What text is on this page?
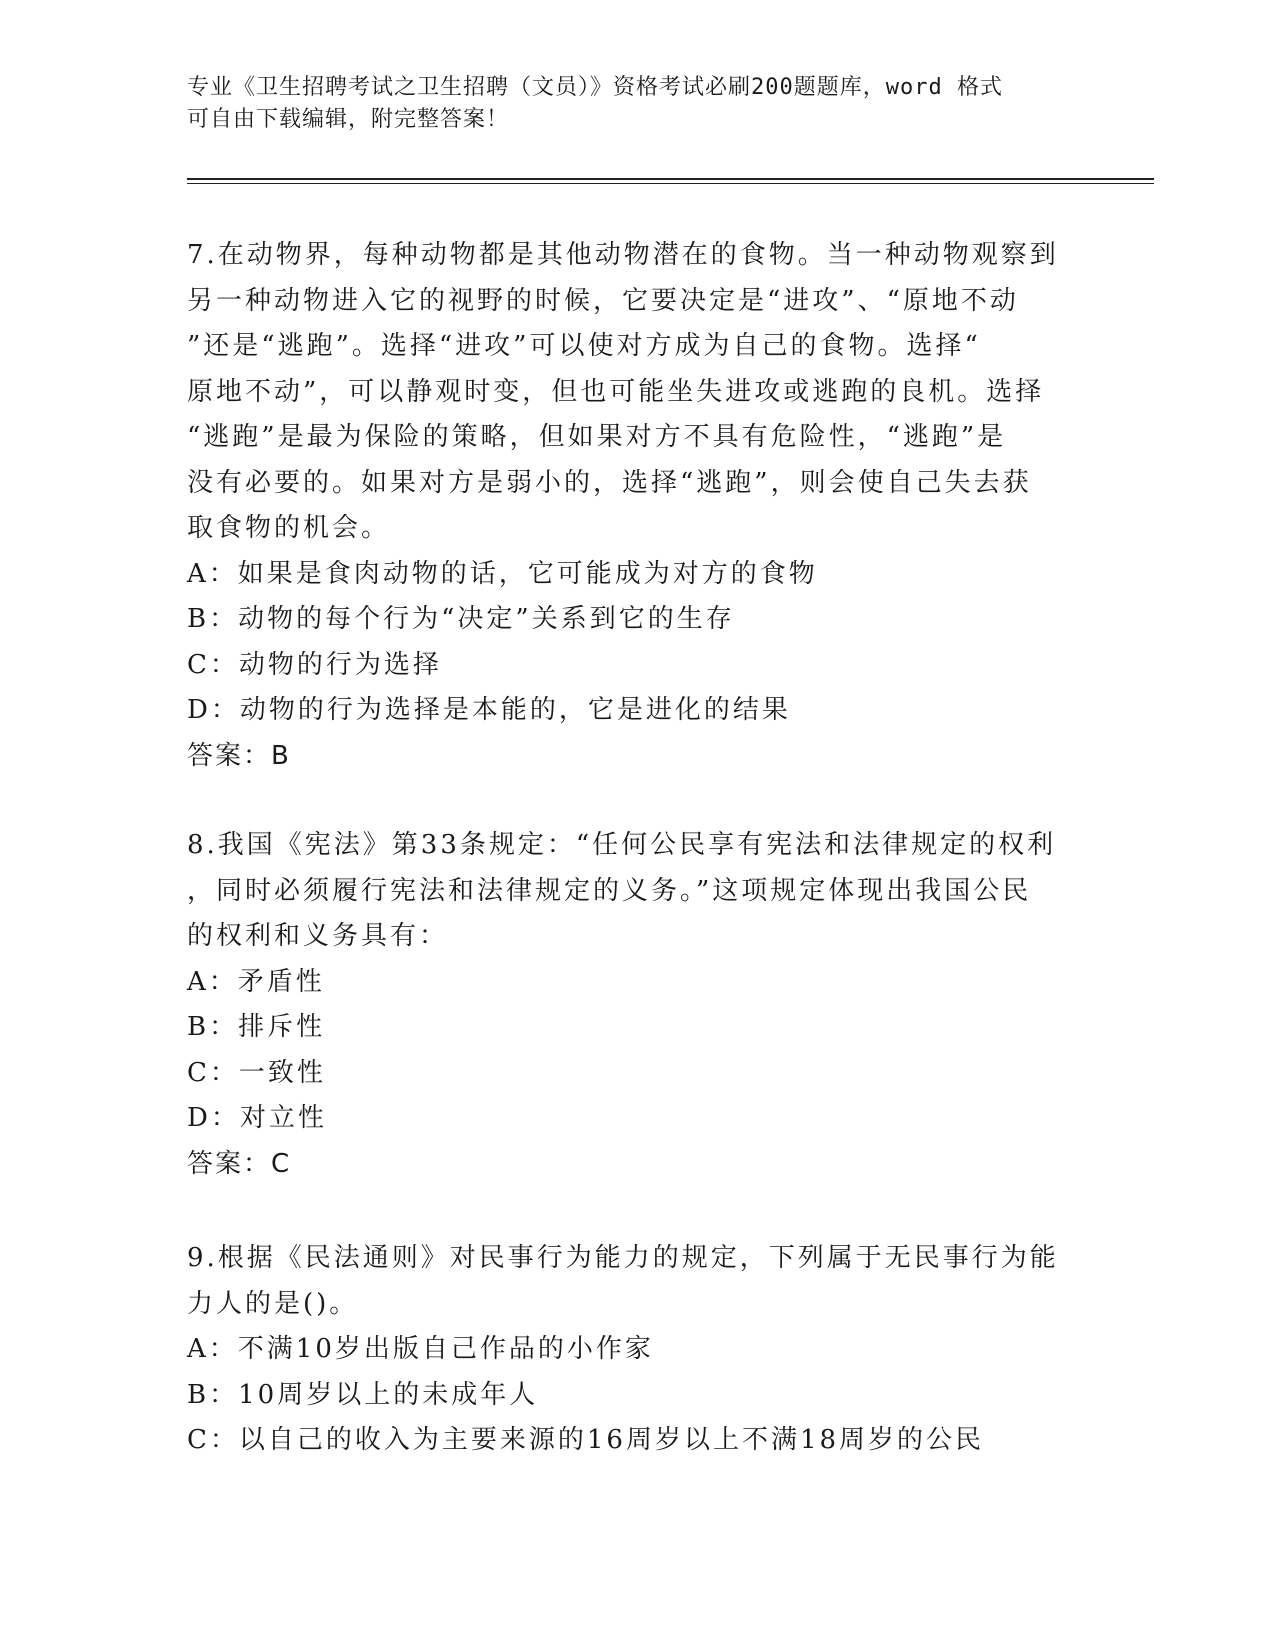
专业《卫生招聘考试之卫生招聘（文员）》资格考试必刷200题题库，word 格式
可自由下载编辑，附完整答案！

7.在动物界，每种动物都是其他动物潜在的食物。当一种动物观察到

另一种动物进入它的视野的时候，它要决定是“进攻”、“原地不动

”还是“逃跑”。选择“进攻”可以使对方成为自己的食物。选择“

原地不动”，可以静观时变，但也可能坐失进攻或逃跑的良机。选择

“逃跑”是最为保险的策略，但如果对方不具有危险性，“逃跑”是

没有必要的。如果对方是弱小的，选择“逃跑”，则会使自己失去获

取食物的机会。

A：如果是食肉动物的话，它可能成为对方的食物

B：动物的每个行为“决定”关系到它的生存

C：动物的行为选择

D：动物的行为选择是本能的，它是进化的结果

答案：B

8.我国《宪法》第33条规定：“任何公民享有宪法和法律规定的权利

，同时必须履行宪法和法律规定的义务。”这项规定体现出我国公民

的权利和义务具有：

A：矛盾性

B：排斥性

C：一致性

D：对立性

答案：C

9.根据《民法通则》对民事行为能力的规定，下列属于无民事行为能

力人的是()。

A：不满10岁出版自己作品的小作家

B：10周岁以上的未成年人

C：以自己的收入为主要来源的16周岁以上不满18周岁的公民
